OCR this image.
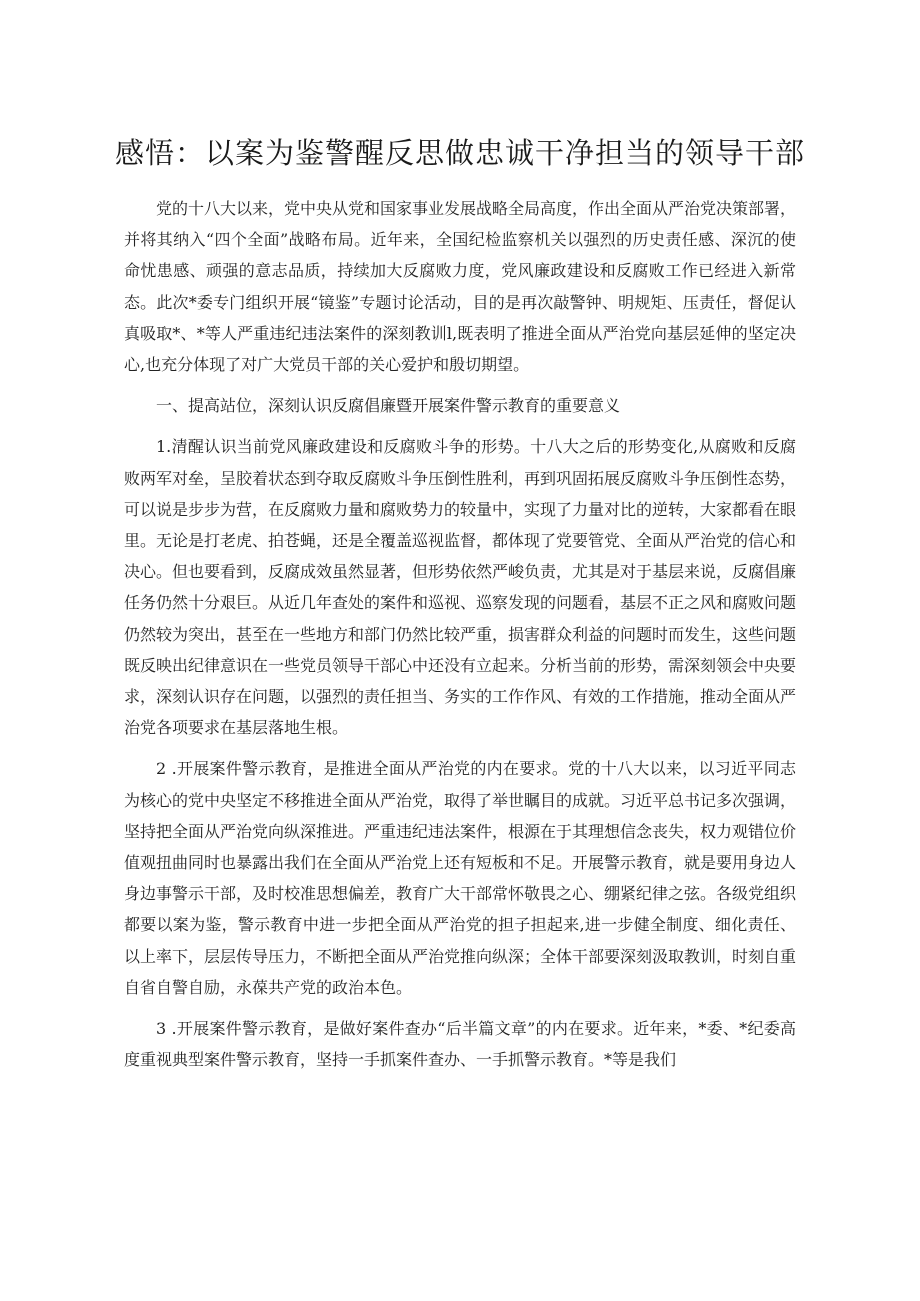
感悟：以案为鉴警醒反思做忠诚干净担当的领导干部

党的十八大以来，党中央从党和国家事业发展战略全局高度，作出全面从严治党决策部署，并将其纳入“四个全面”战略布局。近年来，全国纪检监察机关以强烈的历史责任感、深沉的使命忧患感、顽强的意志品质，持续加大反腐败力度，党风廉政建设和反腐败工作已经进入新常态。此次*委专门组织开展“镜鉴”专题讨论活动，目的是再次敲警钟、明规矩、压责任，督促认真吸取*、*等人严重违纪违法案件的深刻教训l,既表明了推进全面从严治党向基层延伸的坚定决心,也充分体现了对广大党员干部的关心爱护和殷切期望。

一、提高站位，深刻认识反腐倡廉暨开展案件警示教育的重要意义

1.清醒认识当前党风廉政建设和反腐败斗争的形势。十八大之后的形势变化,从腐败和反腐败两军对垒，呈胶着状态到夺取反腐败斗争压倒性胜利，再到巩固拓展反腐败斗争压倒性态势，可以说是步步为营，在反腐败力量和腐败势力的较量中，实现了力量对比的逆转，大家都看在眼里。无论是打老虎、拍苍蝇，还是全覆盖巡视监督，都体现了党要管党、全面从严治党的信心和决心。但也要看到，反腐成效虽然显著，但形势依然严峻负责，尤其是对于基层来说，反腐倡廉任务仍然十分艰巨。从近几年查处的案件和巡视、巡察发现的问题看，基层不正之风和腐败问题仍然较为突出，甚至在一些地方和部门仍然比较严重，损害群众利益的问题时而发生，这些问题既反映出纪律意识在一些党员领导干部心中还没有立起来。分析当前的形势，需深刻领会中央要求，深刻认识存在问题，以强烈的责任担当、务实的工作作风、有效的工作措施，推动全面从严治党各项要求在基层落地生根。

2 .开展案件警示教育，是推进全面从严治党的内在要求。党的十八大以来，以习近平同志为核心的党中央坚定不移推进全面从严治党，取得了举世瞩目的成就。习近平总书记多次强调，坚持把全面从严治党向纵深推进。严重违纪违法案件，根源在于其理想信念丧失，权力观错位价值观扭曲同时也暴露出我们在全面从严治党上还有短板和不足。开展警示教育，就是要用身边人身边事警示干部，及时校准思想偏差，教育广大干部常怀敬畏之心、绷紧纪律之弦。各级党组织都要以案为鉴，警示教育中进一步把全面从严治党的担子担起来,进一步健全制度、细化责任、以上率下，层层传导压力，不断把全面从严治党推向纵深；全体干部要深刻汲取教训，时刻自重自省自警自励，永葆共产党的政治本色。

3 .开展案件警示教育，是做好案件查办“后半篇文章”的内在要求。近年来，*委、*纪委高度重视典型案件警示教育，坚持一手抓案件查办、一手抓警示教育。*等是我们
